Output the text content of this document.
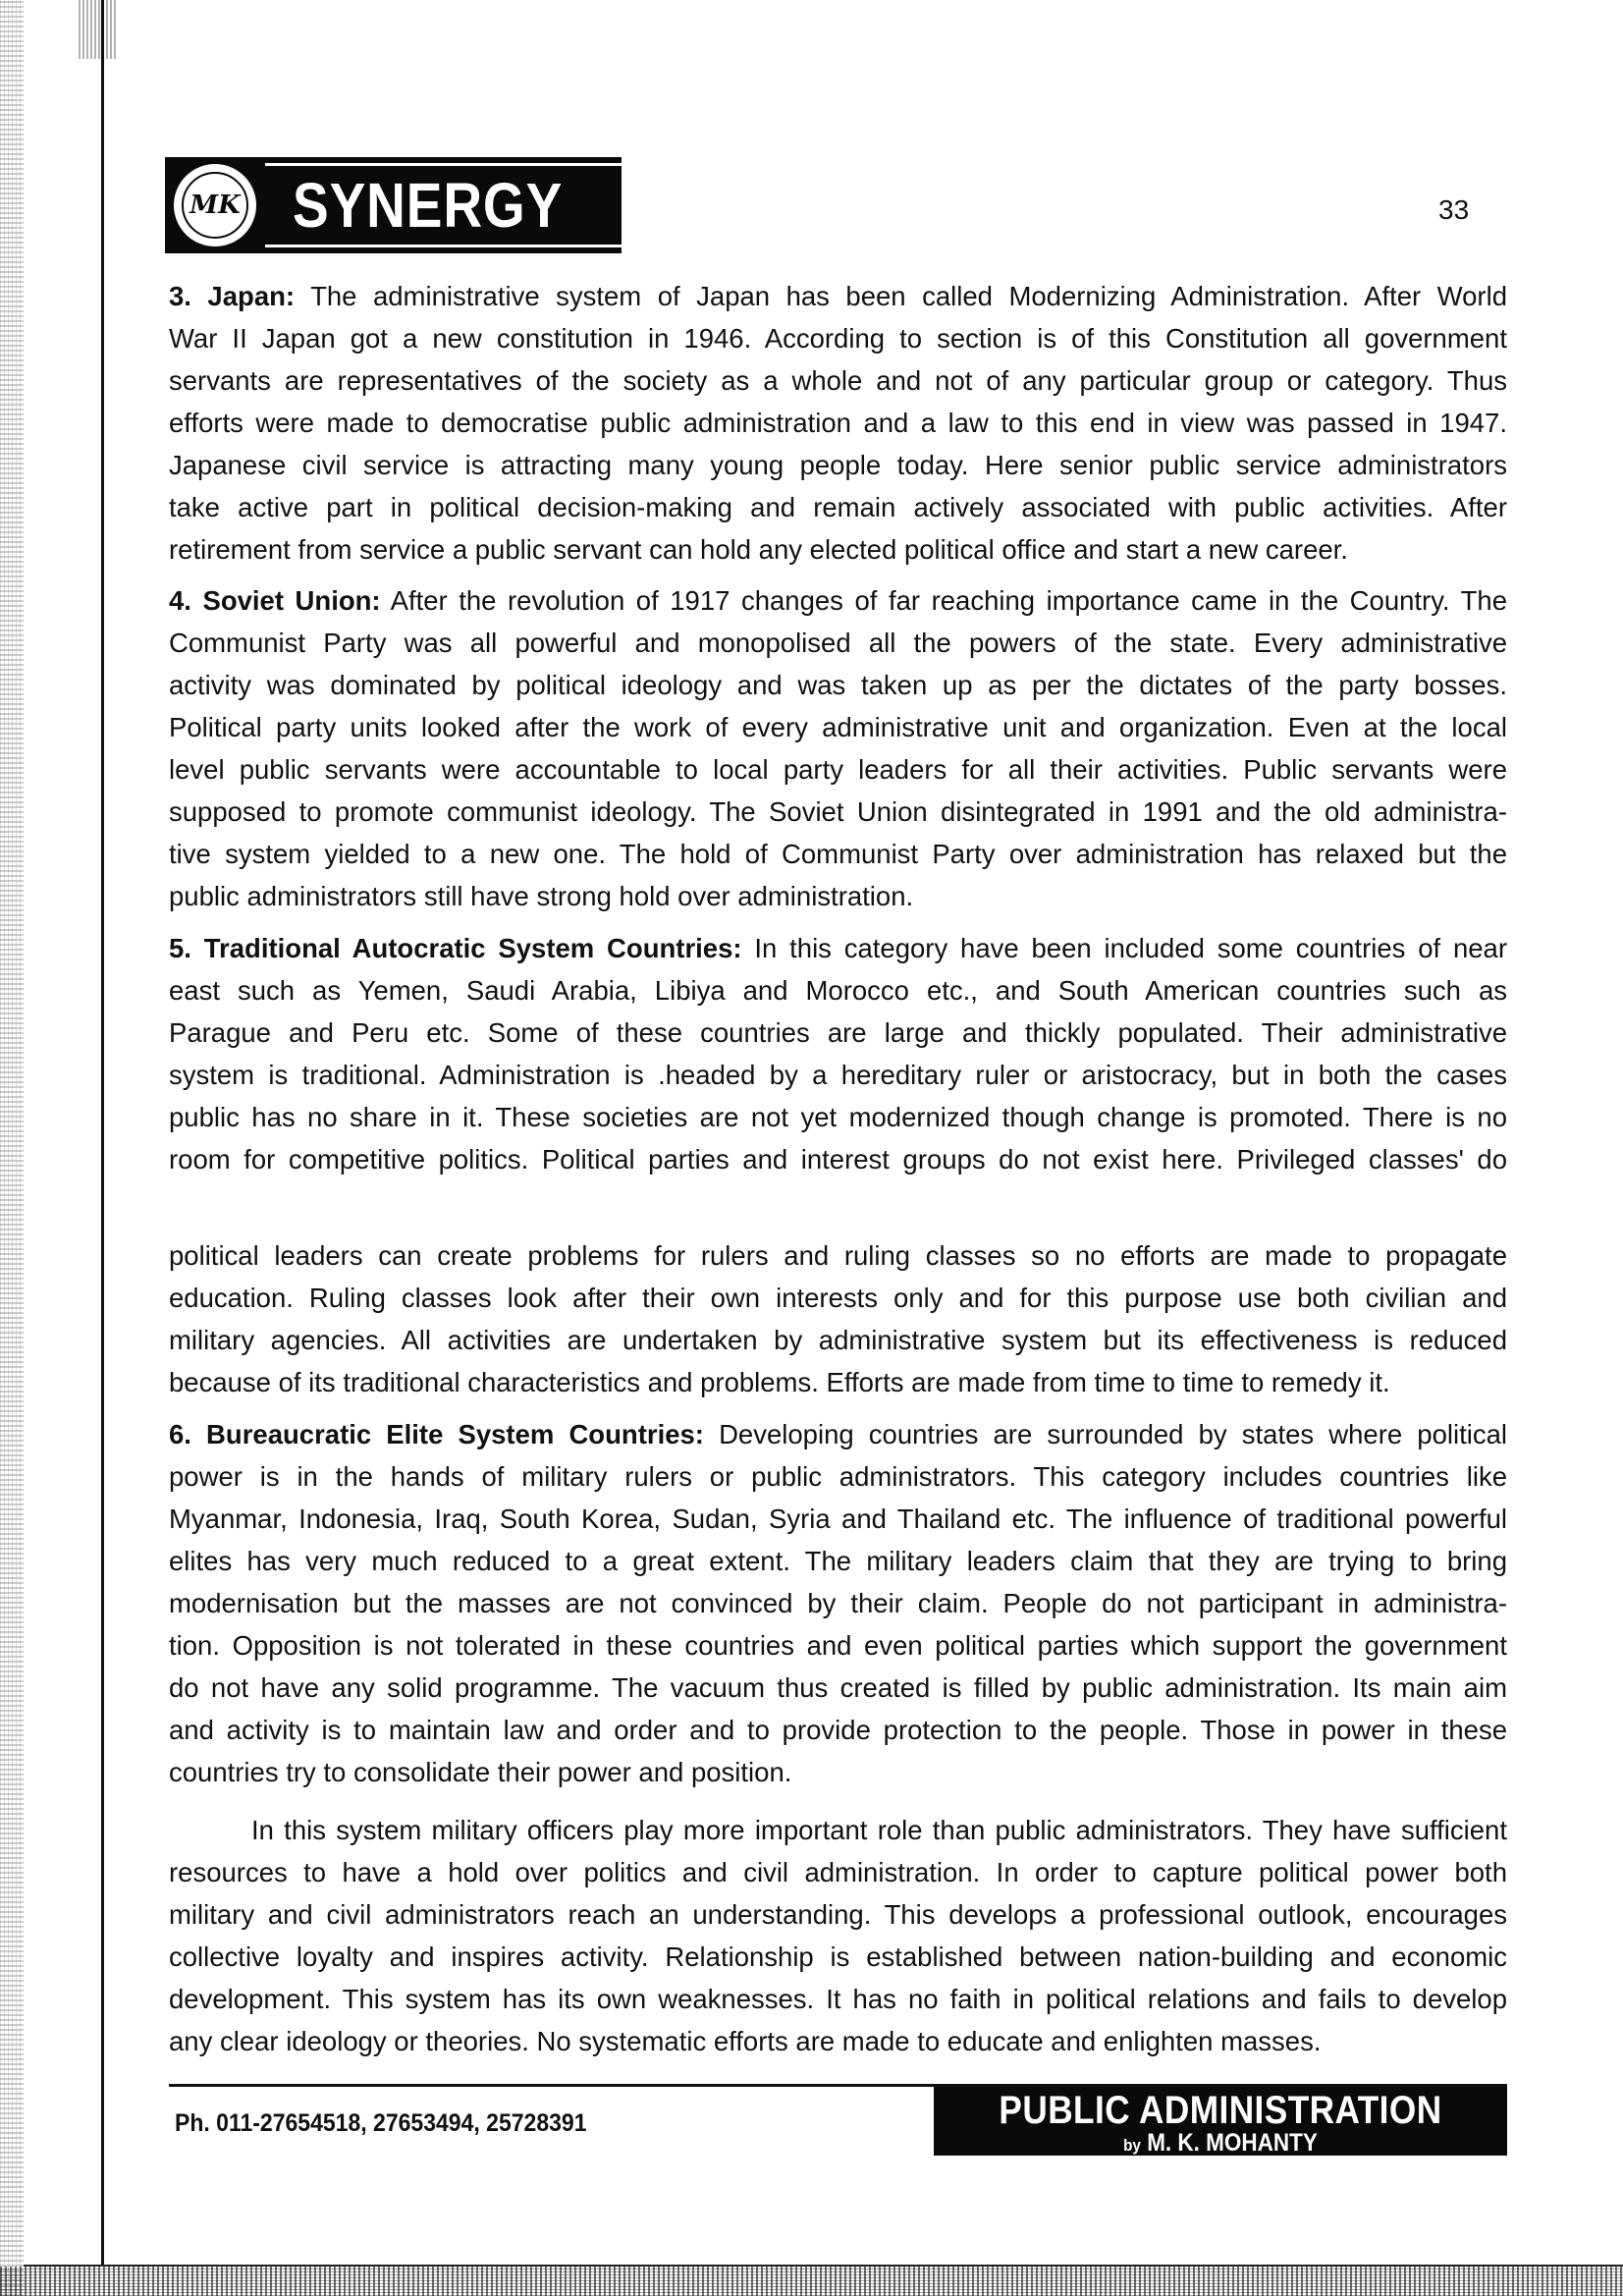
MK SYNERGY	33
3. Japan: The administrative system of Japan has been called Modernizing Administration. After World
War II Japan got a new constitution in 1946. According to section is of this Constitution all government
servants are representatives of the society as a whole and not of any particular group or category. Thus
efforts were made to democratise public administration and a law to this end in view was passed in 1947.
Japanese civil service is attracting many young people today. Here senior public service administrators
take active part in political decision-making and remain actively associated with public activities. After
retirement from service a public servant can hold any elected political office and start a new career.
4. Soviet Union: After the revolution of 1917 changes of far reaching importance came in the Country. The
Communist Party was all powerful and monopolised all the powers of the state. Every administrative
activity was dominated by political ideology and was taken up as per the dictates of the party bosses.
Political party units looked after the work of every administrative unit and organization. Even at the local
level public servants were accountable to local party leaders for all their activities. Public servants were
supposed to promote communist ideology. The Soviet Union disintegrated in 1991 and the old administra-
tive system yielded to a new one. The hold of Communist Party over administration has relaxed but the
public administrators still have strong hold over administration.
5. Traditional Autocratic System Countries: In this category have been included some countries of near
east such as Yemen, Saudi Arabia, Libiya and Morocco etc., and South American countries such as
Paraguе and Peru etc. Some of these countries are large and thickly populated. Their administrative
system is traditional. Administration is .headed by a hereditary ruler or aristocracy, but in both the cases
public has no share in it. These societies are not yet modernized though change is promoted. There is no
room for competitive politics. Political parties and interest groups do not exist here. Privileged classes' do
political leaders can create problems for rulers and ruling classes so no efforts are made to propagate
education. Ruling classes look after their own interests only and for this purpose use both civilian and
military agencies. All activities are undertaken by administrative system but its effectiveness is reduced
because of its traditional characteristics and problems. Efforts are made from time to time to remedy it.
6. Bureaucratic Elite System Countries: Developing countries are surrounded by states where political
power is in the hands of military rulers or public administrators. This category includes countries like
Myanmar, Indonesia, Iraq, South Korea, Sudan, Syria and Thailand etc. The influence of traditional powerful
elites has very much reduced to a great extent. The military leaders claim that they are trying to bring
modernisation but the masses are not convinced by their claim. People do not participant in administra-
tion. Opposition is not tolerated in these countries and even political parties which support the government
do not have any solid programme. The vacuum thus created is filled by public administration. Its main aim
and activity is to maintain law and order and to provide protection to the people. Those in power in these
countries try to consolidate their power and position.
In this system military officers play more important role than public administrators. They have sufficient
resources to have a hold over politics and civil administration. In order to capture political power both
military and civil administrators reach an understanding. This develops a professional outlook, encourages
collective loyalty and inspires activity. Relationship is established between nation-building and economic
development. This system has its own weaknesses. It has no faith in political relations and fails to develop
any clear ideology or theories. No systematic efforts are made to educate and enlighten masses.
Ph. 011-27654518, 27653494, 25728391	PUBLIC ADMINISTRATION
by M. K. MOHANTY
